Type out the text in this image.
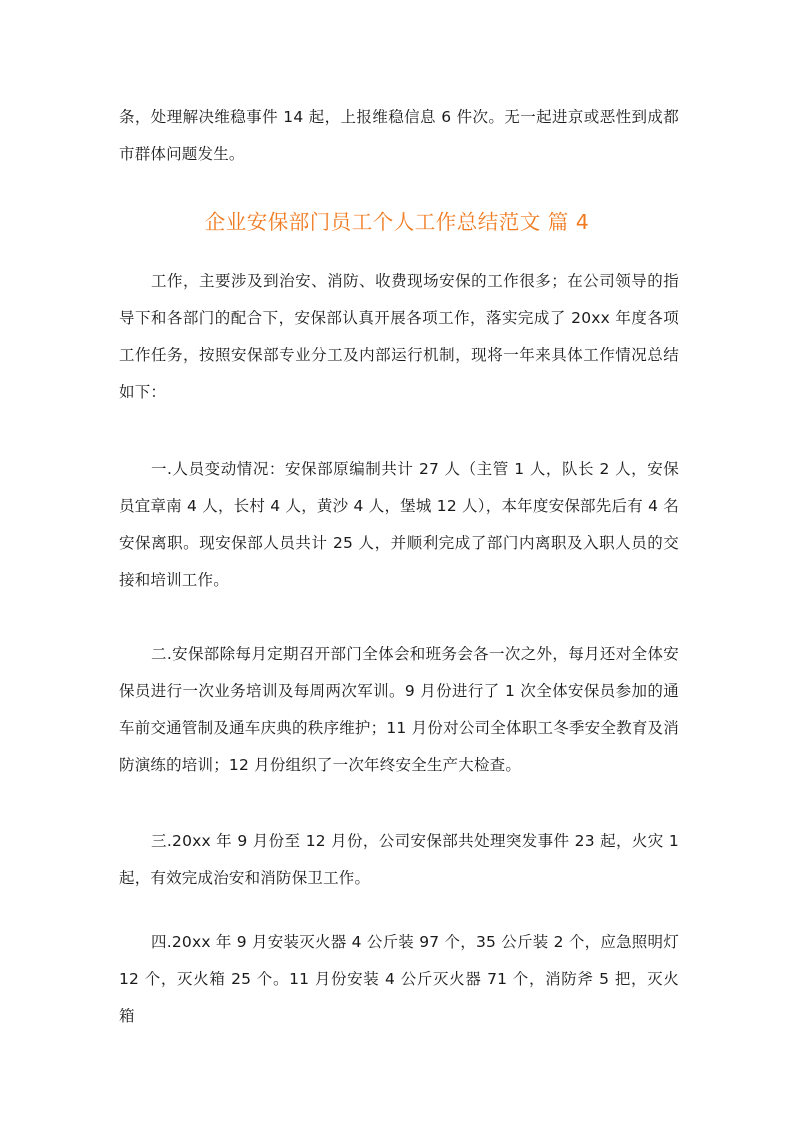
条，处理解决维稳事件 14 起，上报维稳信息 6 件次。无一起进京或恶性到成都市群体问题发生。

企业安保部门员工个人工作总结范文 篇 4

工作，主要涉及到治安、消防、收费现场安保的工作很多；在公司领导的指导下和各部门的配合下，安保部认真开展各项工作，落实完成了 20xx 年度各项工作任务，按照安保部专业分工及内部运行机制，现将一年来具体工作情况总结如下：

一.人员变动情况：安保部原编制共计 27 人（主管 1 人，队长 2 人，安保员宜章南 4 人，长村 4 人，黄沙 4 人，堡城 12 人），本年度安保部先后有 4 名安保离职。现安保部人员共计 25 人，并顺利完成了部门内离职及入职人员的交接和培训工作。

二.安保部除每月定期召开部门全体会和班务会各一次之外，每月还对全体安保员进行一次业务培训及每周两次军训。9 月份进行了 1 次全体安保员参加的通车前交通管制及通车庆典的秩序维护；11 月份对公司全体职工冬季安全教育及消防演练的培训；12 月份组织了一次年终安全生产大检查。

三.20xx 年 9 月份至 12 月份，公司安保部共处理突发事件 23 起，火灾 1 起，有效完成治安和消防保卫工作。

四.20xx 年 9 月安装灭火器 4 公斤装 97 个，35 公斤装 2 个，应急照明灯 12 个，灭火箱 25 个。11 月份安装 4 公斤灭火器 71 个，消防斧 5 把，灭火箱
